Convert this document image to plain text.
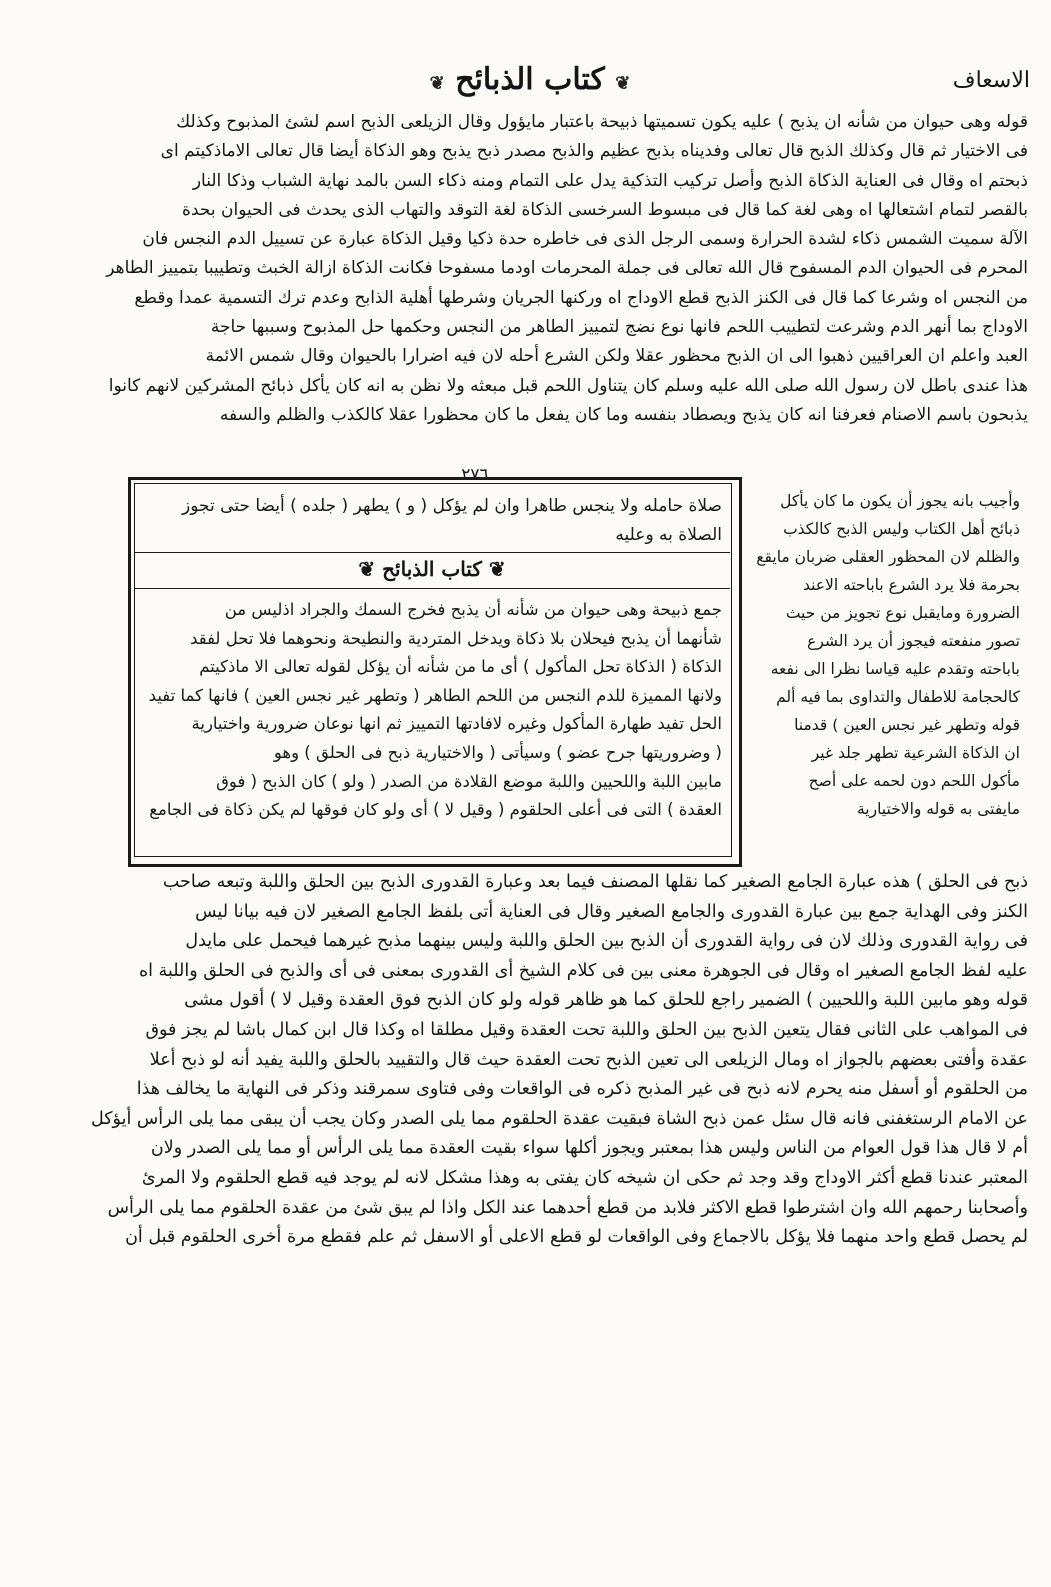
الاسعاف
❦ كتاب الذبائح ❦

قوله وهى حيوان من شأنه ان يذبح ) عليه يكون تسميتها ذبيحة باعتبار مايؤول وقال الزيلعى الذبح اسم لشئ المذبوح وكذلك

فى الاختيار ثم قال وكذلك الذبح قال تعالى وفديناه بذبح عظيم والذبح مصدر ذبح يذبح وهو الذكاة أيضا قال تعالى الاماذكيتم اى

ذبحتم اه وقال فى العناية الذكاة الذبح وأصل تركيب التذكية يدل على التمام ومنه ذكاء السن بالمد نهاية الشباب وذكا النار

بالقصر لتمام اشتعالها اه وهى لغة كما قال فى مبسوط السرخسى الذكاة لغة التوقد والتهاب الذى يحدث فى الحيوان بحدة

الآلة سميت الشمس ذكاء لشدة الحرارة وسمى الرجل الذى فى خاطره حدة ذكيا وقيل الذكاة عبارة عن تسييل الدم النجس فان

المحرم فى الحيوان الدم المسفوح قال الله تعالى فى جملة المحرمات اودما مسفوحا فكانت الذكاة ازالة الخبث وتطييبا بتمييز الطاهر

من النجس اه وشرعا كما قال فى الكنز الذبح قطع الاوداج اه وركنها الجريان وشرطها أهلية الذابح وعدم ترك التسمية عمدا وقطع

الاوداج بما أنهر الدم وشرعت لتطييب اللحم فانها نوع نضج لتمييز الطاهر من النجس وحكمها حل المذبوح وسببها حاجة

العبد واعلم ان العراقيين ذهبوا الى ان الذبح محظور عقلا ولكن الشرع أحله لان فيه اضرارا بالحيوان وقال شمس الائمة

هذا عندى باطل لان رسول الله صلى الله عليه وسلم كان يتناول اللحم قبل مبعثه ولا نظن به انه كان يأكل ذبائح المشركين لانهم كانوا

يذبحون باسم الاصنام فعرفنا انه كان يذبح ويصطاد بنفسه وما كان يفعل ما كان محظورا عقلا كالكذب والظلم والسفه

٢٧٦

وأجيب بانه يجوز أن يكون ما كان يأكل

ذبائح أهل الكتاب وليس الذبح كالكذب

والظلم لان المحظور العقلى ضربان مايقع

بحرمة فلا يرد الشرع باباحته الاعند

الضرورة ومايقبل نوع تجويز من حيث

تصور منفعته فيجوز أن يرد الشرع

باباحته وتقدم عليه قياسا نظرا الى نفعه

كالحجامة للاطفال والتداوى بما فيه ألم

قوله وتطهر غير نجس العين ) قدمنا

ان الذكاة الشرعية تطهر جلد غير

مأكول اللحم دون لحمه على أصح

مايفتى به قوله والاختيارية

صلاة حامله ولا ينجس طاهرا وان لم يؤكل ( و ) يطهر ( جلده ) أيضا حتى تجوز

الصلاة به وعليه

❦ كتاب الذبائح ❦

جمع ذبيحة وهى حيوان من شأنه أن يذبح فخرج السمك والجراد اذليس من

شأنهما أن يذبح فيحلان بلا ذكاة ويدخل المتردية والنطيحة ونحوهما فلا تحل لفقد

الذكاة ( الذكاة تحل المأكول ) أى ما من شأنه أن يؤكل لقوله تعالى الا ماذكيتم

ولانها المميزة للدم النجس من اللحم الطاهر ( وتطهر غير نجس العين ) فانها كما تفيد

الحل تفيد طهارة المأكول وغيره لافادتها التمييز ثم انها نوعان ضرورية واختيارية

( وضروريتها جرح عضو ) وسيأتى ( والاختيارية ذبح فى الحلق ) وهو

مابين اللبة واللحيين واللبة موضع القلادة من الصدر ( ولو ) كان الذبح ( فوق

العقدة ) التى فى أعلى الحلقوم ( وقيل لا ) أى ولو كان فوقها لم يكن ذكاة فى الجامع

ذبح فى الحلق ) هذه عبارة الجامع الصغير كما نقلها المصنف فيما بعد وعبارة القدورى الذبح بين الحلق واللبة وتبعه صاحب

الكنز وفى الهداية جمع بين عبارة القدورى والجامع الصغير وقال فى العناية أتى بلفظ الجامع الصغير لان فيه بيانا ليس

فى رواية القدورى وذلك لان فى رواية القدورى أن الذبح بين الحلق واللبة وليس بينهما مذبح غيرهما فيحمل على مايدل

عليه لفظ الجامع الصغير اه وقال فى الجوهرة معنى بين فى كلام الشيخ أى القدورى بمعنى فى أى والذبح فى الحلق واللبة اه

قوله وهو مابين اللبة واللحيين ) الضمير راجع للحلق كما هو ظاهر قوله ولو كان الذبح فوق العقدة وقيل لا ) أقول مشى

فى المواهب على الثانى فقال يتعين الذبح بين الحلق واللبة تحت العقدة وقيل مطلقا اه وكذا قال ابن كمال باشا لم يجز فوق

عقدة وأفتى بعضهم بالجواز اه ومال الزيلعى الى تعين الذبح تحت العقدة حيث قال والتقييد بالحلق واللبة يفيد أنه لو ذبح أعلا

من الحلقوم أو أسفل منه يحرم لانه ذبح فى غير المذبح ذكره فى الواقعات وفى فتاوى سمرقند وذكر فى النهاية ما يخالف هذا

عن الامام الرستغفنى فانه قال سئل عمن ذبح الشاة فبقيت عقدة الحلقوم مما يلى الصدر وكان يجب أن يبقى مما يلى الرأس أيؤكل

أم لا قال هذا قول العوام من الناس وليس هذا بمعتبر ويجوز أكلها سواء بقيت العقدة مما يلى الرأس أو مما يلى الصدر ولان

المعتبر عندنا قطع أكثر الاوداج وقد وجد ثم حكى ان شيخه كان يفتى به وهذا مشكل لانه لم يوجد فيه قطع الحلقوم ولا المرئ

وأصحابنا رحمهم الله وان اشترطوا قطع الاكثر فلابد من قطع أحدهما عند الكل واذا لم يبق شئ من عقدة الحلقوم مما يلى الرأس

لم يحصل قطع واحد منهما فلا يؤكل بالاجماع وفى الواقعات لو قطع الاعلى أو الاسفل ثم علم فقطع مرة أخرى الحلقوم قبل أن
